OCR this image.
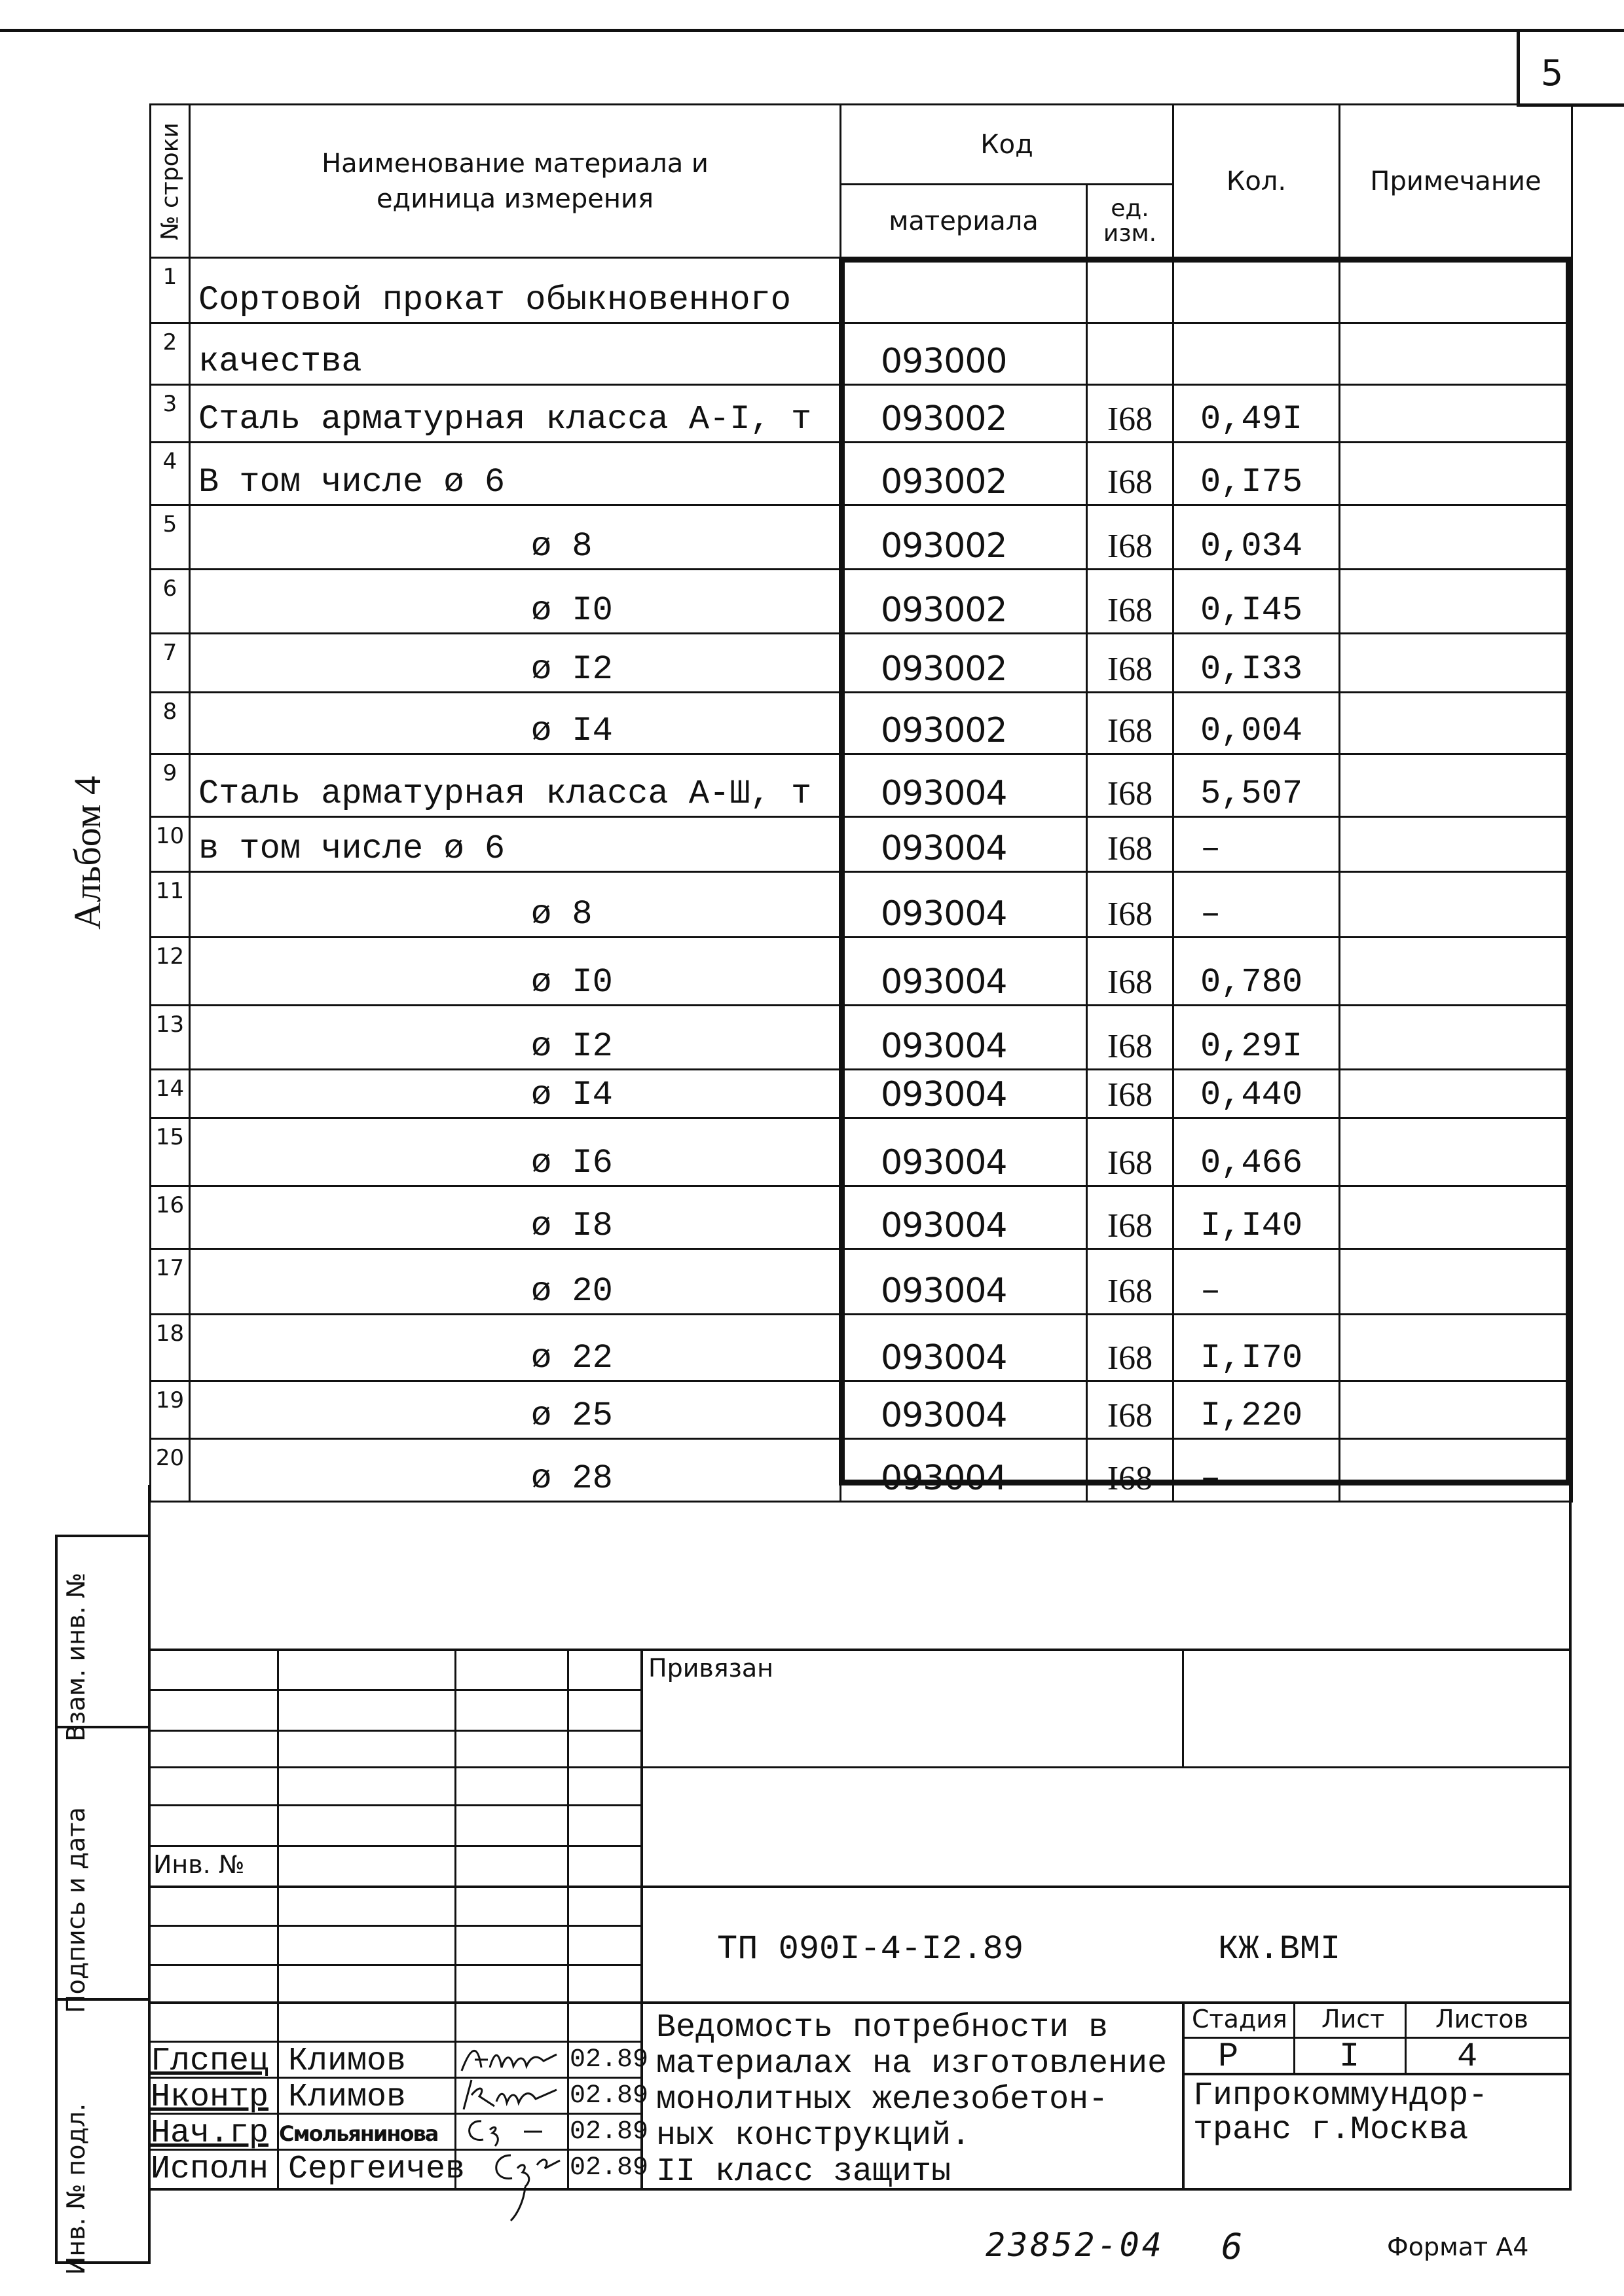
5
№ строки	Наименование материала и единица измерения	Код		Кол.	Примечание
		материала	ед. изм.		
1	Сортовой прокат обыкновенного				
2	качества	093000			
3	Сталь арматурная класса А-I, т	093002	I68	0,49I	
4	В том числе ø 6	093002	I68	0,I75	
5	ø 8	093002	I68	0,034	
6	ø I0	093002	I68	0,I45	
7	ø I2	093002	I68	0,I33	
8	ø I4	093002	I68	0,004	
9	Сталь арматурная класса А-Ш, т	093004	I68	5,507	
10	в том числе ø 6	093004	I68	–	
11	ø 8	093004	I68	–	
12	ø I0	093004	I68	0,780	
13	ø I2	093004	I68	0,29I	
14	ø I4	093004	I68	0,440	
15	ø I6	093004	I68	0,466	
16	ø I8	093004	I68	I,I40	
17	ø 20	093004	I68	–	
18	ø 22	093004	I68	I,I70	
19	ø 25	093004	I68	I,220	
20	ø 28	093004	I68	–	
Взам. инв. №
Подпись и дата
Инв. № подл.
Альбом 4
Привязан
Инв. №
ТП 090I-4-I2.89	КЖ.ВМI
Ведомость потребности в
материалах на изготовление
монолитных железобетон-
ных конструкций.
II класс защиты
Стадия Лист Листов
Р	I	4
Гипрокоммундор-
транс г.Москва
Глспец Климов	02.89
Нконтр Климов	02.89
Нач.гр Смольянинова	02.89
Исполн Сергеичев	02.89
23852-04 6	Формат А4
